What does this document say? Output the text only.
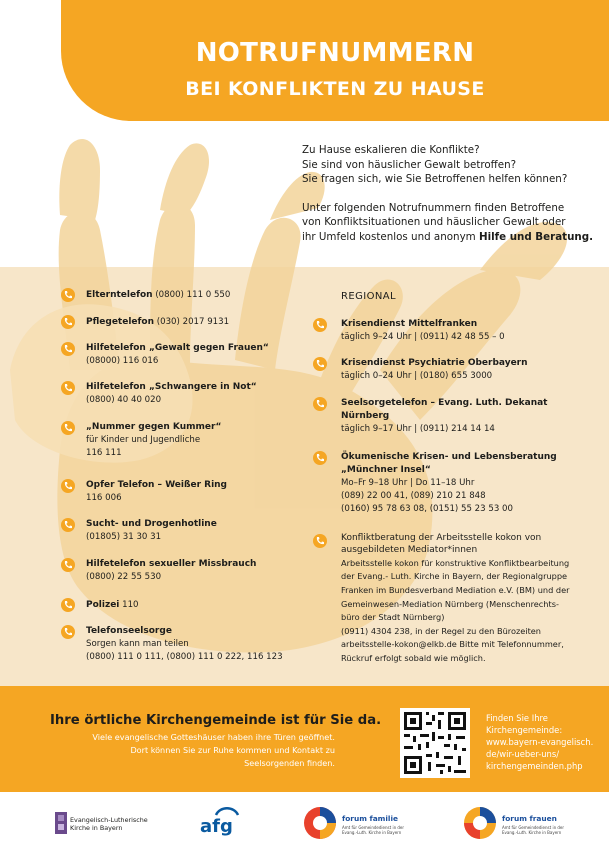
NOTRUFNUMMERN
BEI KONFLIKTEN ZU HAUSE

Zu Hause eskalieren die Konflikte?
Sie sind von häuslicher Gewalt betroffen?
Sie fragen sich, wie Sie Betroffenen helfen können?

Unter folgenden Notrufnummern finden Betroffene
von Konfliktsituationen und häuslicher Gewalt oder
ihr Umfeld kostenlos und anonym Hilfe und Beratung.

Elterntelefon (0800) 111 0 550
Pflegetelefon (030) 2017 9131
Hilfetelefon „Gewalt gegen Frauen“
(08000) 116 016
Hilfetelefon „Schwangere in Not“
(0800) 40 40 020
„Nummer gegen Kummer“
für Kinder und Jugendliche
116 111
Opfer Telefon – Weißer Ring
116 006
Sucht- und Drogenhotline
(01805) 31 30 31
Hilfetelefon sexueller Missbrauch
(0800) 22 55 530
Polizei 110
Telefonseelsorge
Sorgen kann man teilen
(0800) 111 0 111, (0800) 111 0 222, 116 123
REGIONAL
Krisendienst Mittelfranken
täglich 9–24 Uhr | (0911) 42 48 55 – 0
Krisendienst Psychiatrie Oberbayern
täglich 0–24 Uhr | (0180) 655 3000
Seelsorgetelefon – Evang. Luth. Dekanat
Nürnberg
täglich 9–17 Uhr | (0911) 214 14 14
Ökumenische Krisen- und Lebensberatung
„Münchner Insel“
Mo–Fr 9–18 Uhr | Do 11–18 Uhr
(089) 22 00 41, (089) 210 21 848
(0160) 95 78 63 08, (0151) 55 23 53 00
Konfliktberatung der Arbeitsstelle kokon von
ausgebildeten Mediator*innen
Arbeitsstelle kokon für konstruktive Konfliktbearbeitung
der Evang.- Luth. Kirche in Bayern, der Regionalgruppe
Franken im Bundesverband Mediation e.V. (BM) und der
Gemeinwesen-Mediation Nürnberg (Menschenrechts-
büro der Stadt Nürnberg)
(0911) 4304 238, in der Regel zu den Bürozeiten
arbeitsstelle-kokon@elkb.de Bitte mit Telefonnummer,
Rückruf erfolgt sobald wie möglich.
Ihre örtliche Kirchengemeinde ist für Sie da.
Viele evangelische Gotteshäuser haben ihre Türen geöffnet.
Dort können Sie zur Ruhe kommen und Kontakt zu
Seelsorgenden finden.
Finden Sie Ihre
Kirchengemeinde:
www.bayern-evangelisch.
de/wir-ueber-uns/
kirchengemeinden.php
Evangelisch-Lutherische
Kirche in Bayern	afg	forum familie
Amt für Gemeindedienst in der
Evang.-Luth. Kirche in Bayern
forum frauen
Amt für Gemeindedienst in der
Evang.-Luth. Kirche in Bayern
